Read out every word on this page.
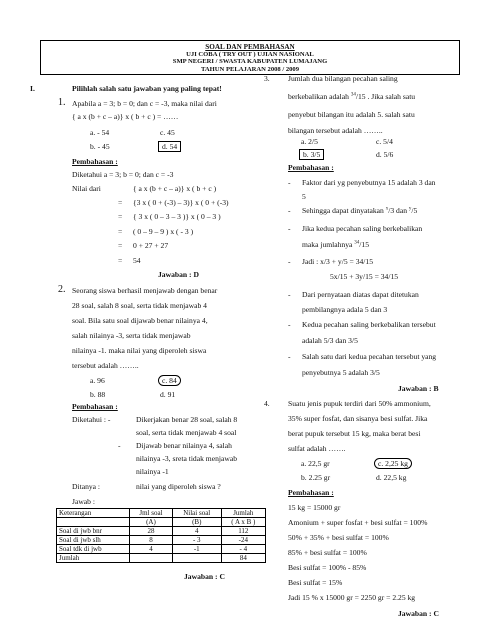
SOAL DAN PEMBAHASAN
UJI COBA ( TRY OUT ) UJIAN NASIONAL
SMP NEGERI / SWASTA KABUPATEN LUMAJANG
TAHUN PELAJARAN 2008 / 2009
I.	Pilihlah salah satu jawaban yang paling tepat!
1. Apabila a = 3; b = 0; dan c = -3, maka nilai dari
{ a x (b + c – a)} x ( b + c ) = ……
a. - 54	c. 45
b. - 45	d. 54
Pembahasan :
Diketahui a = 3; b = 0; dan c = -3
Nilai dari	{ a x (b + c – a)} x ( b + c )
= {3 x ( 0 + (-3) – 3)} x ( 0 + (-3)
= { 3 x ( 0 – 3 – 3 )} x ( 0 – 3 )
= ( 0 – 9 – 9 ) x ( - 3 )
= 0 + 27 + 27
= 54
Jawaban : D
2. Seorang siswa berhasil menjawab dengan benar
28 soal, salah 8 soal, serta tidak menjawab 4
soal. Bila satu soal dijawab benar nilainya 4,
salah nilainya -3, serta tidak menjawab
nilainya -1. maka nilai yang diperoleh siswa
tersebut adalah ……..
a. 96	c. 84
b. 88	d. 91
Pembahasan :
Diketahui : -	Dikerjakan benar 28 soal, salah 8
soal, serta tidak menjawab 4 soal
- Dijawab benar nilainya 4, salah
nilainya -3, sreta tidak menjawab
nilainya -1
Ditanya :	nilai yang diperoleh siswa ?
Keterangan	Jml soal	Nilai soal	Jumlah
	(A)	(B)	( A x B )
Soal di jwb bnr	28	4	112
Soal di jwb slh	8	- 3	-24
Soal tdk di jwb	4	-1	- 4
Jumlah			84
Jawaban : C
3. Jumlah dua bilangan pecahan saling
berkebalikan adalah $^{34}$/15 . Jika salah satu
penyebut bilangan itu adalah 5. salah satu
bilangan tersebut adalah ……..
a. 2/5	c. 5/4
b. 3/5	d. 5/6
Pembahasan :
- Faktor dari yg penyebutnya 15 adalah 3 dan
5
- Sehingga dapat dinyatakan $^x$/3 dan $^y$/5
- Jika kedua pecahan saling berkebalikan
maka jumlahnya $^{34}$/15
- Jadi : x/3 + y/5 = 34/15
5x/15 + 3y/15 = 34/15
- Dari pernyataan diatas dapat ditetukan
pembilangnya adala 5 dan 3
- Kedua pecahan saling berkebalikan tersebut
adalah 5/3 dan 3/5
- Salah satu dari kedua pecahan tersebut yang
penyebutnya 5 adalah 3/5
Jawaban : B
4. Suatu jenis pupuk terdiri dari 50% ammonium,
35% super fosfat, dan sisanya besi sulfat. Jika
berat pupuk tersebut 15 kg, maka berat besi
sulfat adalah …….
a. 22,5 gr	c. 2,25 kg
b. 2.25 gr	d. 22,5 kg
Pembahasan :
15 kg = 15000 gr
Amonium + super fosfat + besi sulfat = 100%
50% + 35% + besi sulfat = 100%
85% + besi sulfat = 100%
Besi sulfat = 100% - 85%
Besi sulfat = 15%
Jadi 15 % x 15000 gr = 2250 gr = 2.25 kg
Jawaban : C
Jawab :
